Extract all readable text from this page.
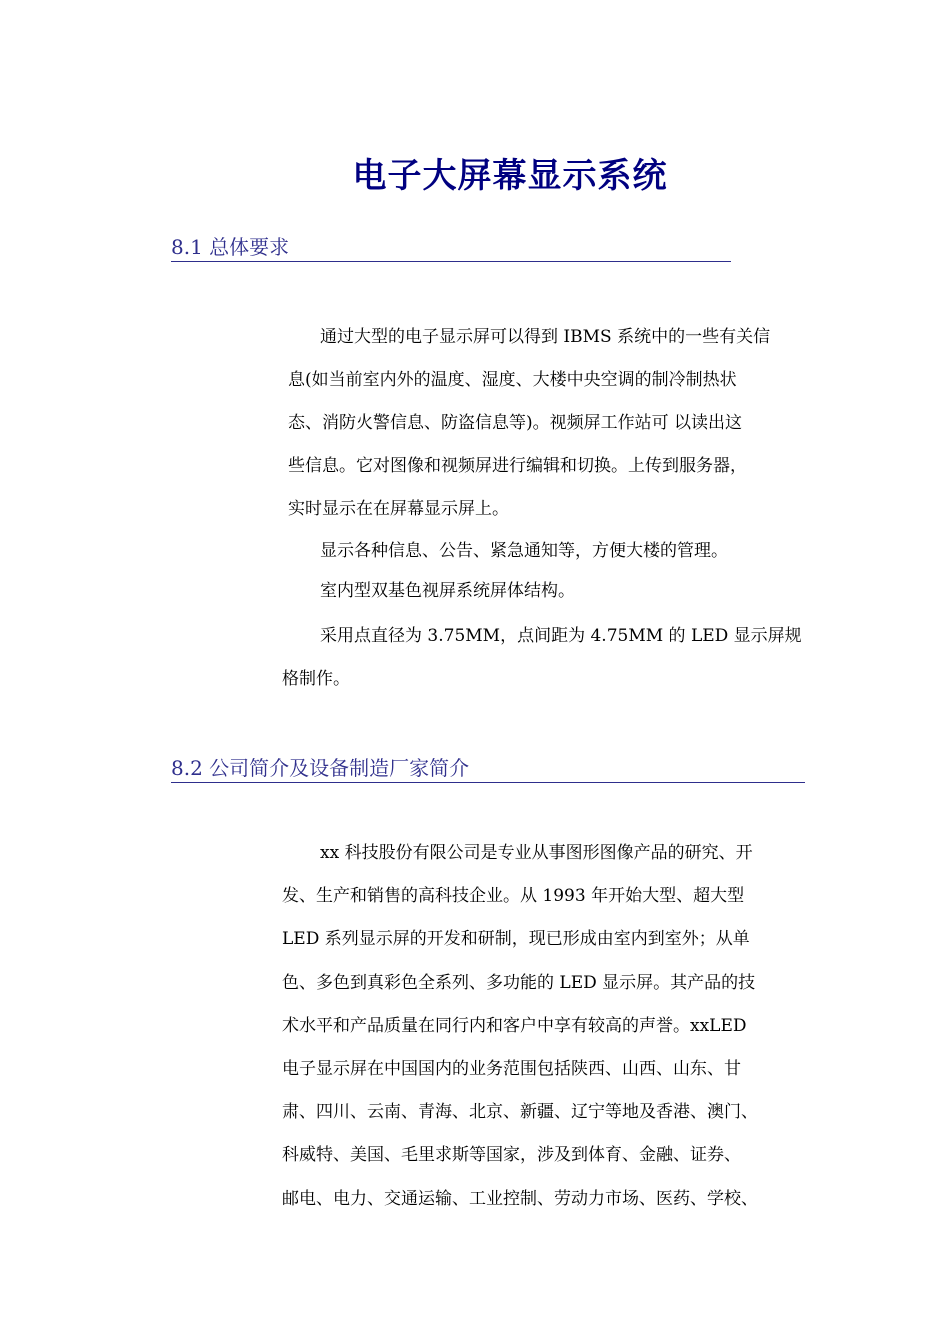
电子大屏幕显示系统
8.1 总体要求
通过大型的电子显示屏可以得到 IBMS 系统中的一些有关信
息(如当前室内外的温度、湿度、大楼中央空调的制冷制热状
态、消防火警信息、防盗信息等)。视频屏工作站可 以读出这
些信息。它对图像和视频屏进行编辑和切换。上传到服务器，
实时显示在在屏幕显示屏上。
显示各种信息、公告、紧急通知等，方便大楼的管理。
室内型双基色视屏系统屏体结构。
采用点直径为 3.75MM，点间距为 4.75MM 的 LED 显示屏规
格制作。
8.2 公司简介及设备制造厂家简介
xx 科技股份有限公司是专业从事图形图像产品的研究、开
发、生产和销售的高科技企业。从 1993 年开始大型、超大型
LED 系列显示屏的开发和研制，现已形成由室内到室外；从单
色、多色到真彩色全系列、多功能的 LED 显示屏。其产品的技
术水平和产品质量在同行内和客户中享有较高的声誉。xxLED
电子显示屏在中国国内的业务范围包括陕西、山西、山东、甘
肃、四川、云南、青海、北京、新疆、辽宁等地及香港、澳门、
科威特、美国、毛里求斯等国家，涉及到体育、金融、证券、
邮电、电力、交通运输、工业控制、劳动力市场、医药、学校、
